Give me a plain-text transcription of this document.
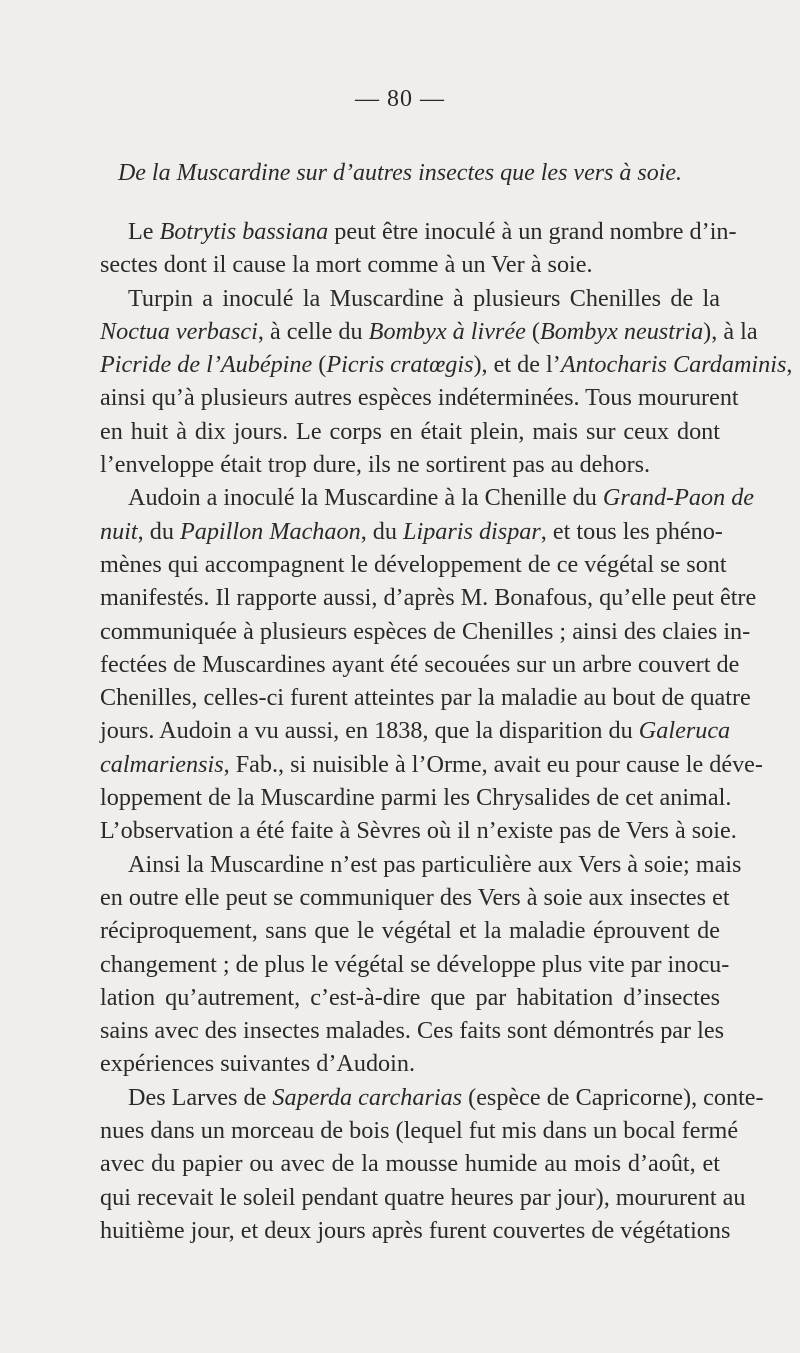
— 80 —
De la Muscardine sur d’autres insectes que les vers à soie.
Le Botrytis bassiana peut être inoculé à un grand nombre d’in-
sectes dont il cause la mort comme à un Ver à soie.
Turpin a inoculé la Muscardine à plusieurs Chenilles de la
Noctua verbasci, à celle du Bombyx à livrée (Bombyx neustria), à la
Picride de l’Aubépine (Picris cratœgis), et de l’Antocharis Cardaminis,
ainsi qu’à plusieurs autres espèces indéterminées. Tous moururent
en huit à dix jours. Le corps en était plein, mais sur ceux dont
l’enveloppe était trop dure, ils ne sortirent pas au dehors.
Audoin a inoculé la Muscardine à la Chenille du Grand-Paon de
nuit, du Papillon Machaon, du Liparis dispar, et tous les phéno-
mènes qui accompagnent le développement de ce végétal se sont
manifestés. Il rapporte aussi, d’après M. Bonafous, qu’elle peut être
communiquée à plusieurs espèces de Chenilles ; ainsi des claies in-
fectées de Muscardines ayant été secouées sur un arbre couvert de
Chenilles, celles-ci furent atteintes par la maladie au bout de quatre
jours. Audoin a vu aussi, en 1838, que la disparition du Galeruca
calmariensis, Fab., si nuisible à l’Orme, avait eu pour cause le déve-
loppement de la Muscardine parmi les Chrysalides de cet animal.
L’observation a été faite à Sèvres où il n’existe pas de Vers à soie.
Ainsi la Muscardine n’est pas particulière aux Vers à soie; mais
en outre elle peut se communiquer des Vers à soie aux insectes et
réciproquement, sans que le végétal et la maladie éprouvent de
changement ; de plus le végétal se développe plus vite par inocu-
lation qu’autrement, c’est-à-dire que par habitation d’insectes
sains avec des insectes malades. Ces faits sont démontrés par les
expériences suivantes d’Audoin.
Des Larves de Saperda carcharias (espèce de Capricorne), conte-
nues dans un morceau de bois (lequel fut mis dans un bocal fermé
avec du papier ou avec de la mousse humide au mois d’août, et
qui recevait le soleil pendant quatre heures par jour), moururent au
huitième jour, et deux jours après furent couvertes de végétations
